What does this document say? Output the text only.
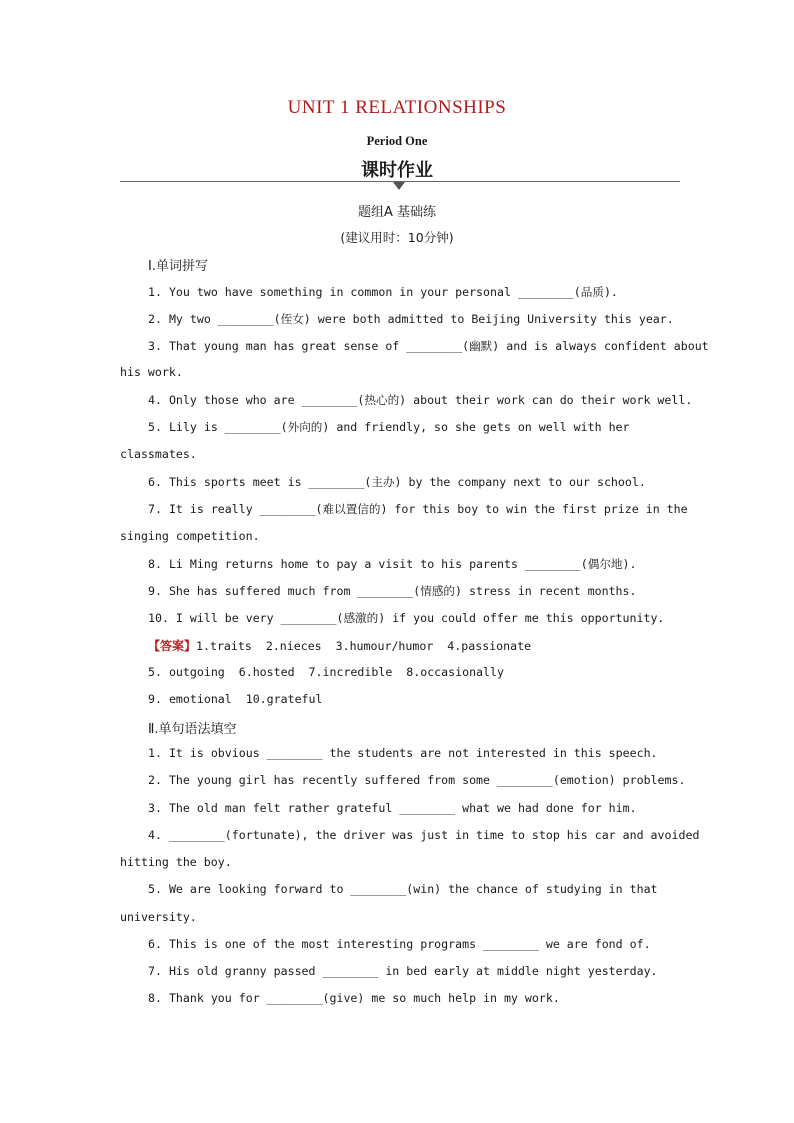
UNIT 1 RELATIONSHIPS
Period One
课时作业
题组A 基础练
(建议用时：10分钟)
Ⅰ.单词拼写
1. You two have something in common in your personal ________(品质).
2. My two ________(侄女) were both admitted to Beijing University this year.
3. That young man has great sense of ________(幽默) and is always confident about
his work.
4. Only those who are ________(热心的) about their work can do their work well.
5. Lily is ________(外向的) and friendly, so she gets on well with her
classmates.
6. This sports meet is ________(主办) by the company next to our school.
7. It is really ________(难以置信的) for this boy to win the first prize in the
singing competition.
8. Li Ming returns home to pay a visit to his parents ________(偶尔地).
9. She has suffered much from ________(情感的) stress in recent months.
10. I will be very ________(感激的) if you could offer me this opportunity.
【答案】1.traits  2.nieces  3.humour/humor  4.passionate
5. outgoing  6.hosted  7.incredible  8.occasionally
9. emotional  10.grateful
Ⅱ.单句语法填空
1. It is obvious ________ the students are not interested in this speech.
2. The young girl has recently suffered from some ________(emotion) problems.
3. The old man felt rather grateful ________ what we had done for him.
4. ________(fortunate), the driver was just in time to stop his car and avoided
hitting the boy.
5. We are looking forward to ________(win) the chance of studying in that
university.
6. This is one of the most interesting programs ________ we are fond of.
7. His old granny passed ________ in bed early at middle night yesterday.
8. Thank you for ________(give) me so much help in my work.
